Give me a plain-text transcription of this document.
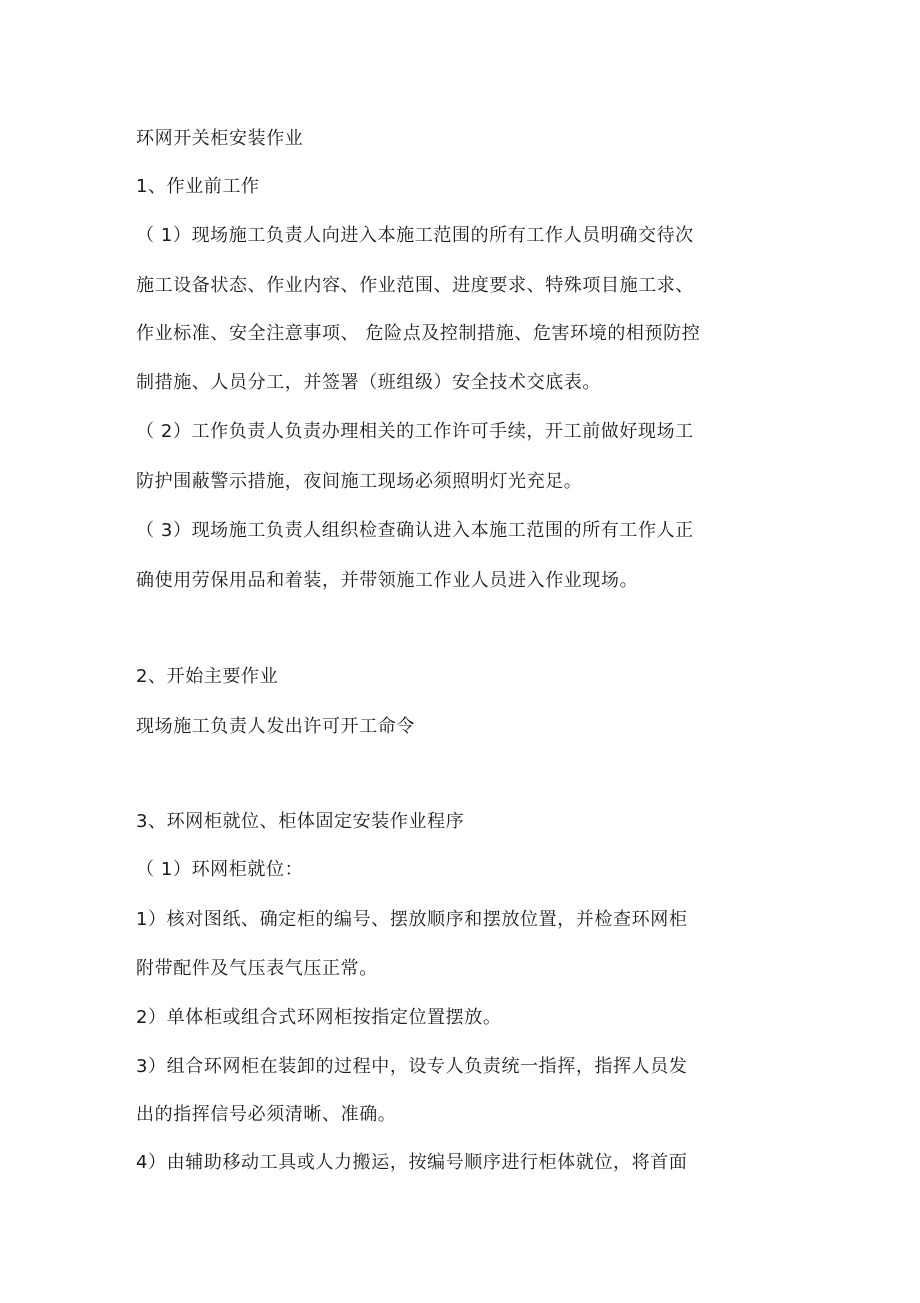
环网开关柜安装作业
1、作业前工作
（ 1）现场施工负责人向进入本施工范围的所有工作人员明确交待次
施工设备状态、作业内容、作业范围、进度要求、特殊项目施工求、
作业标准、安全注意事项、 危险点及控制措施、危害环境的相预防控
制措施、人员分工，并签署（班组级）安全技术交底表。
（ 2）工作负责人负责办理相关的工作许可手续，开工前做好现场工
防护围蔽警示措施，夜间施工现场必须照明灯光充足。
（ 3）现场施工负责人组织检查确认进入本施工范围的所有工作人正
确使用劳保用品和着装，并带领施工作业人员进入作业现场。
2、开始主要作业
现场施工负责人发出许可开工命令
3、环网柜就位、柜体固定安装作业程序
（ 1）环网柜就位：
1）核对图纸、确定柜的编号、摆放顺序和摆放位置，并检查环网柜
附带配件及气压表气压正常。
2）单体柜或组合式环网柜按指定位置摆放。
3）组合环网柜在装卸的过程中，设专人负责统一指挥，指挥人员发
出的指挥信号必须清晰、准确。
4）由辅助移动工具或人力搬运，按编号顺序进行柜体就位，将首面
